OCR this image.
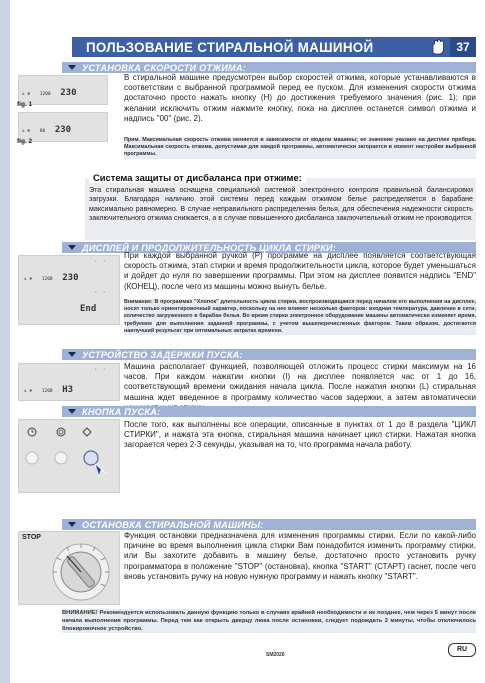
ПОЛЬЗОВАНИЕ СТИРАЛЬНОЙ МАШИНОЙ	37
УСТАНОВКА СКОРОСТИ ОТЖИМА:
✲ ❄ 1200 230
fig. 1
✲ ❄ 00 230
fig. 2

В стиральной машине предусмотрен выбор скоростей отжима, которые устанавливаются в соответствии с выбранной программой перед ее пуском. Для изменения скорости отжима достаточно просто нажать кнопку (H) до достижения требуемого значения (рис. 1); при желании исключить отжим нажмите кнопку, пока на дисплее останется символ отжима и надпись "00" (рис. 2).

Прим. Максимальная скорость отжима меняется в зависимости от модели машины; ее значение указано на дисплее прибора. Максимальная скорость отжима, допустимая для каждой программы, автоматически загорается в момент настройки выбранной программы.
Система защиты от дисбаланса при отжиме:
Эта стиральная машина оснащена специальной системой электронного контроля правильной балансировки загрузки. Благодаря наличию этой системы перед каждым отжимом белье распределяется в барабане максимально равномерно. В случае неправильного распределения белья, для обеспечения надежности скорость заключительного отжима снижается, а в случае повышенного дисбаланса заключительный отжим не производится.
ДИСПЛЕЙ И ПРОДОЛЖИТЕЛЬНОСТЬ ЦИКЛА СТИРКИ:
• •
✲ ❄ 1200 230
• •
End
При каждой выбранной ручкой (P) программе на дисплее появляется соответствующая скорость отжима, этап стирки и время продолжительности цикла, которое будет уменьшаться и дойдет до нуля по завершении программы. При этом на дисплее появится надпись "END" (КОНЕЦ), после чего из машины можно вынуть белье.
Внимание: В программах "Хлопок" длительность цикла стирки, воспроизводящаяся перед началом его выполнения на дисплее, носит только ориентировочный характер, поскольку на нее влияют несколько факторов: входная температура, давление в сети, количество загруженного в барабан белья. Во время стирки электронное оборудование машины автоматически изменяет время, требуемое для выполнения заданной программы, с учетом вышеперечисленных факторов. Таким образом, достигается наилучший результат при оптимальных затратах времени.
УСТРОЙСТВО ЗАДЕРЖКИ ПУСКА:
• •
✲ ❄ 1200 H3
Машина располагает функцией, позволяющей отложить процесс стирки максимум на 16 часов. При каждом нажатии кнопки (I) на дисплее появляется час от 1 до 16, соответствующий времени ожидания начала цикла. После нажатия кнопки (L) стиральная машина ждет введенное в программу количество часов задержки, а затем автоматически
КНОПКА ПУСКА:
После того, как выполнены все операции, описанные в пунктах от 1 до 8 раздела "ЦИКЛ СТИРКИ", и нажата эта кнопка, стиральная машина начинает цикл стирки. Нажатая кнопка загорается через 2-3 секунды, указывая на то, что программа начала работу.
ОСТАНОВКА СТИРАЛЬНОЙ МАШИНЫ:
STOP	Функция остановки предназначена для изменения программы стирки. Если по какой-либо причине во время выполнения цикла стирки Вам понадобится изменить программу стирки, или Вы захотите добавить в машину белье, достаточно просто установить ручку программатора в положение "STOP" (остановка), кнопка "START" (СТАРТ) гаснет, после чего вновь установить ручку на новую нужную программу и нажать кнопку "START".
ВНИМАНИЕ! Рекомендуется использовать данную функцию только в случаях крайней необходимости и не позднее, чем через 5 минут после начала выполнения программы. Перед тем как открыть дверцу люка после остановки, следует подождать 2 минуты, чтобы отключилось блокировочное устройство.
SM2026
RU
